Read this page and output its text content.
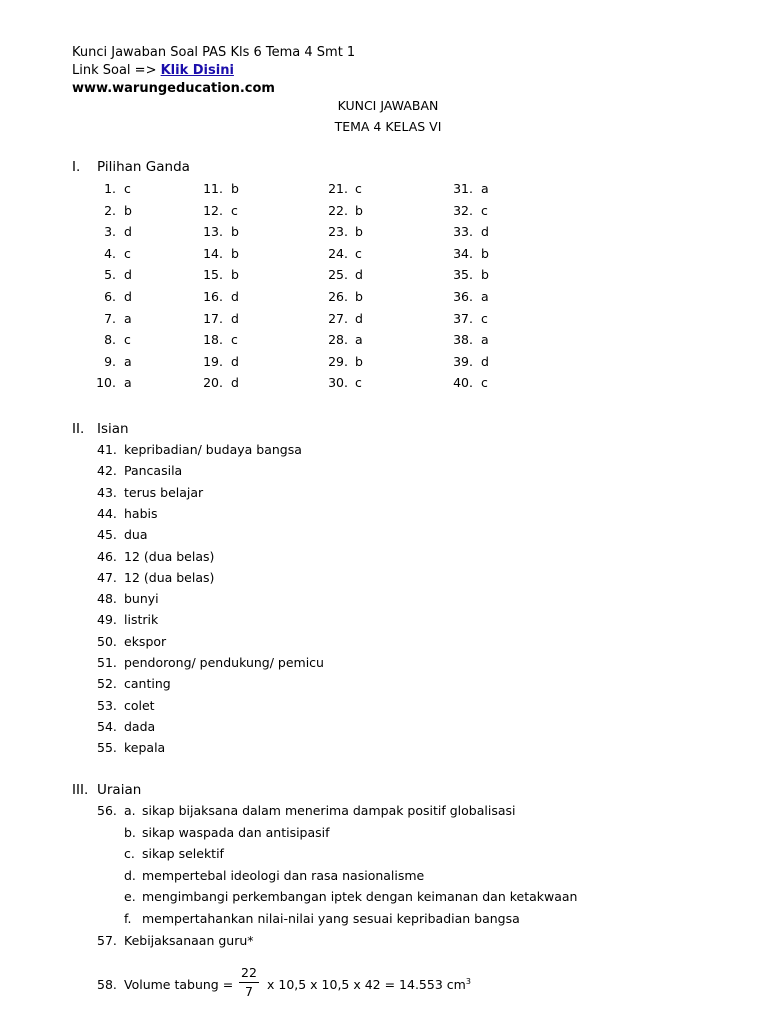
Kunci Jawaban Soal PAS Kls 6 Tema 4 Smt 1
Link Soal => Klik Disini
www.warungeducation.com
KUNCI JAWABAN
TEMA 4 KELAS VI
I. Pilihan Ganda
1. c
2. b
3. d
4. c
5. d
6. d
7. a
8. c
9. a
10. a
11. b
12. c
13. b
14. b
15. b
16. d
17. d
18. c
19. d
20. d
21. c
22. b
23. b
24. c
25. d
26. b
27. d
28. a
29. b
30. c
31. a
32. c
33. d
34. b
35. b
36. a
37. c
38. a
39. d
40. c
II. Isian
41. kepribadian/ budaya bangsa
42. Pancasila
43. terus belajar
44. habis
45. dua
46. 12 (dua belas)
47. 12 (dua belas)
48. bunyi
49. listrik
50. ekspor
51. pendorong/ pendukung/ pemicu
52. canting
53. colet
54. dada
55. kepala
III. Uraian
56. a. sikap bijaksana dalam menerima dampak positif globalisasi
b. sikap waspada dan antisipasif
c. sikap selektif
d. mempertebal ideologi dan rasa nasionalisme
e. mengimbangi perkembangan iptek dengan keimanan dan ketakwaan
f. mempertahankan nilai-nilai yang sesuai kepribadian bangsa
57. Kebijaksanaan guru*
58. Volume tabung =
22
7	x 10,5 x 10,5 x 42 = 14.553 $cm^3$
